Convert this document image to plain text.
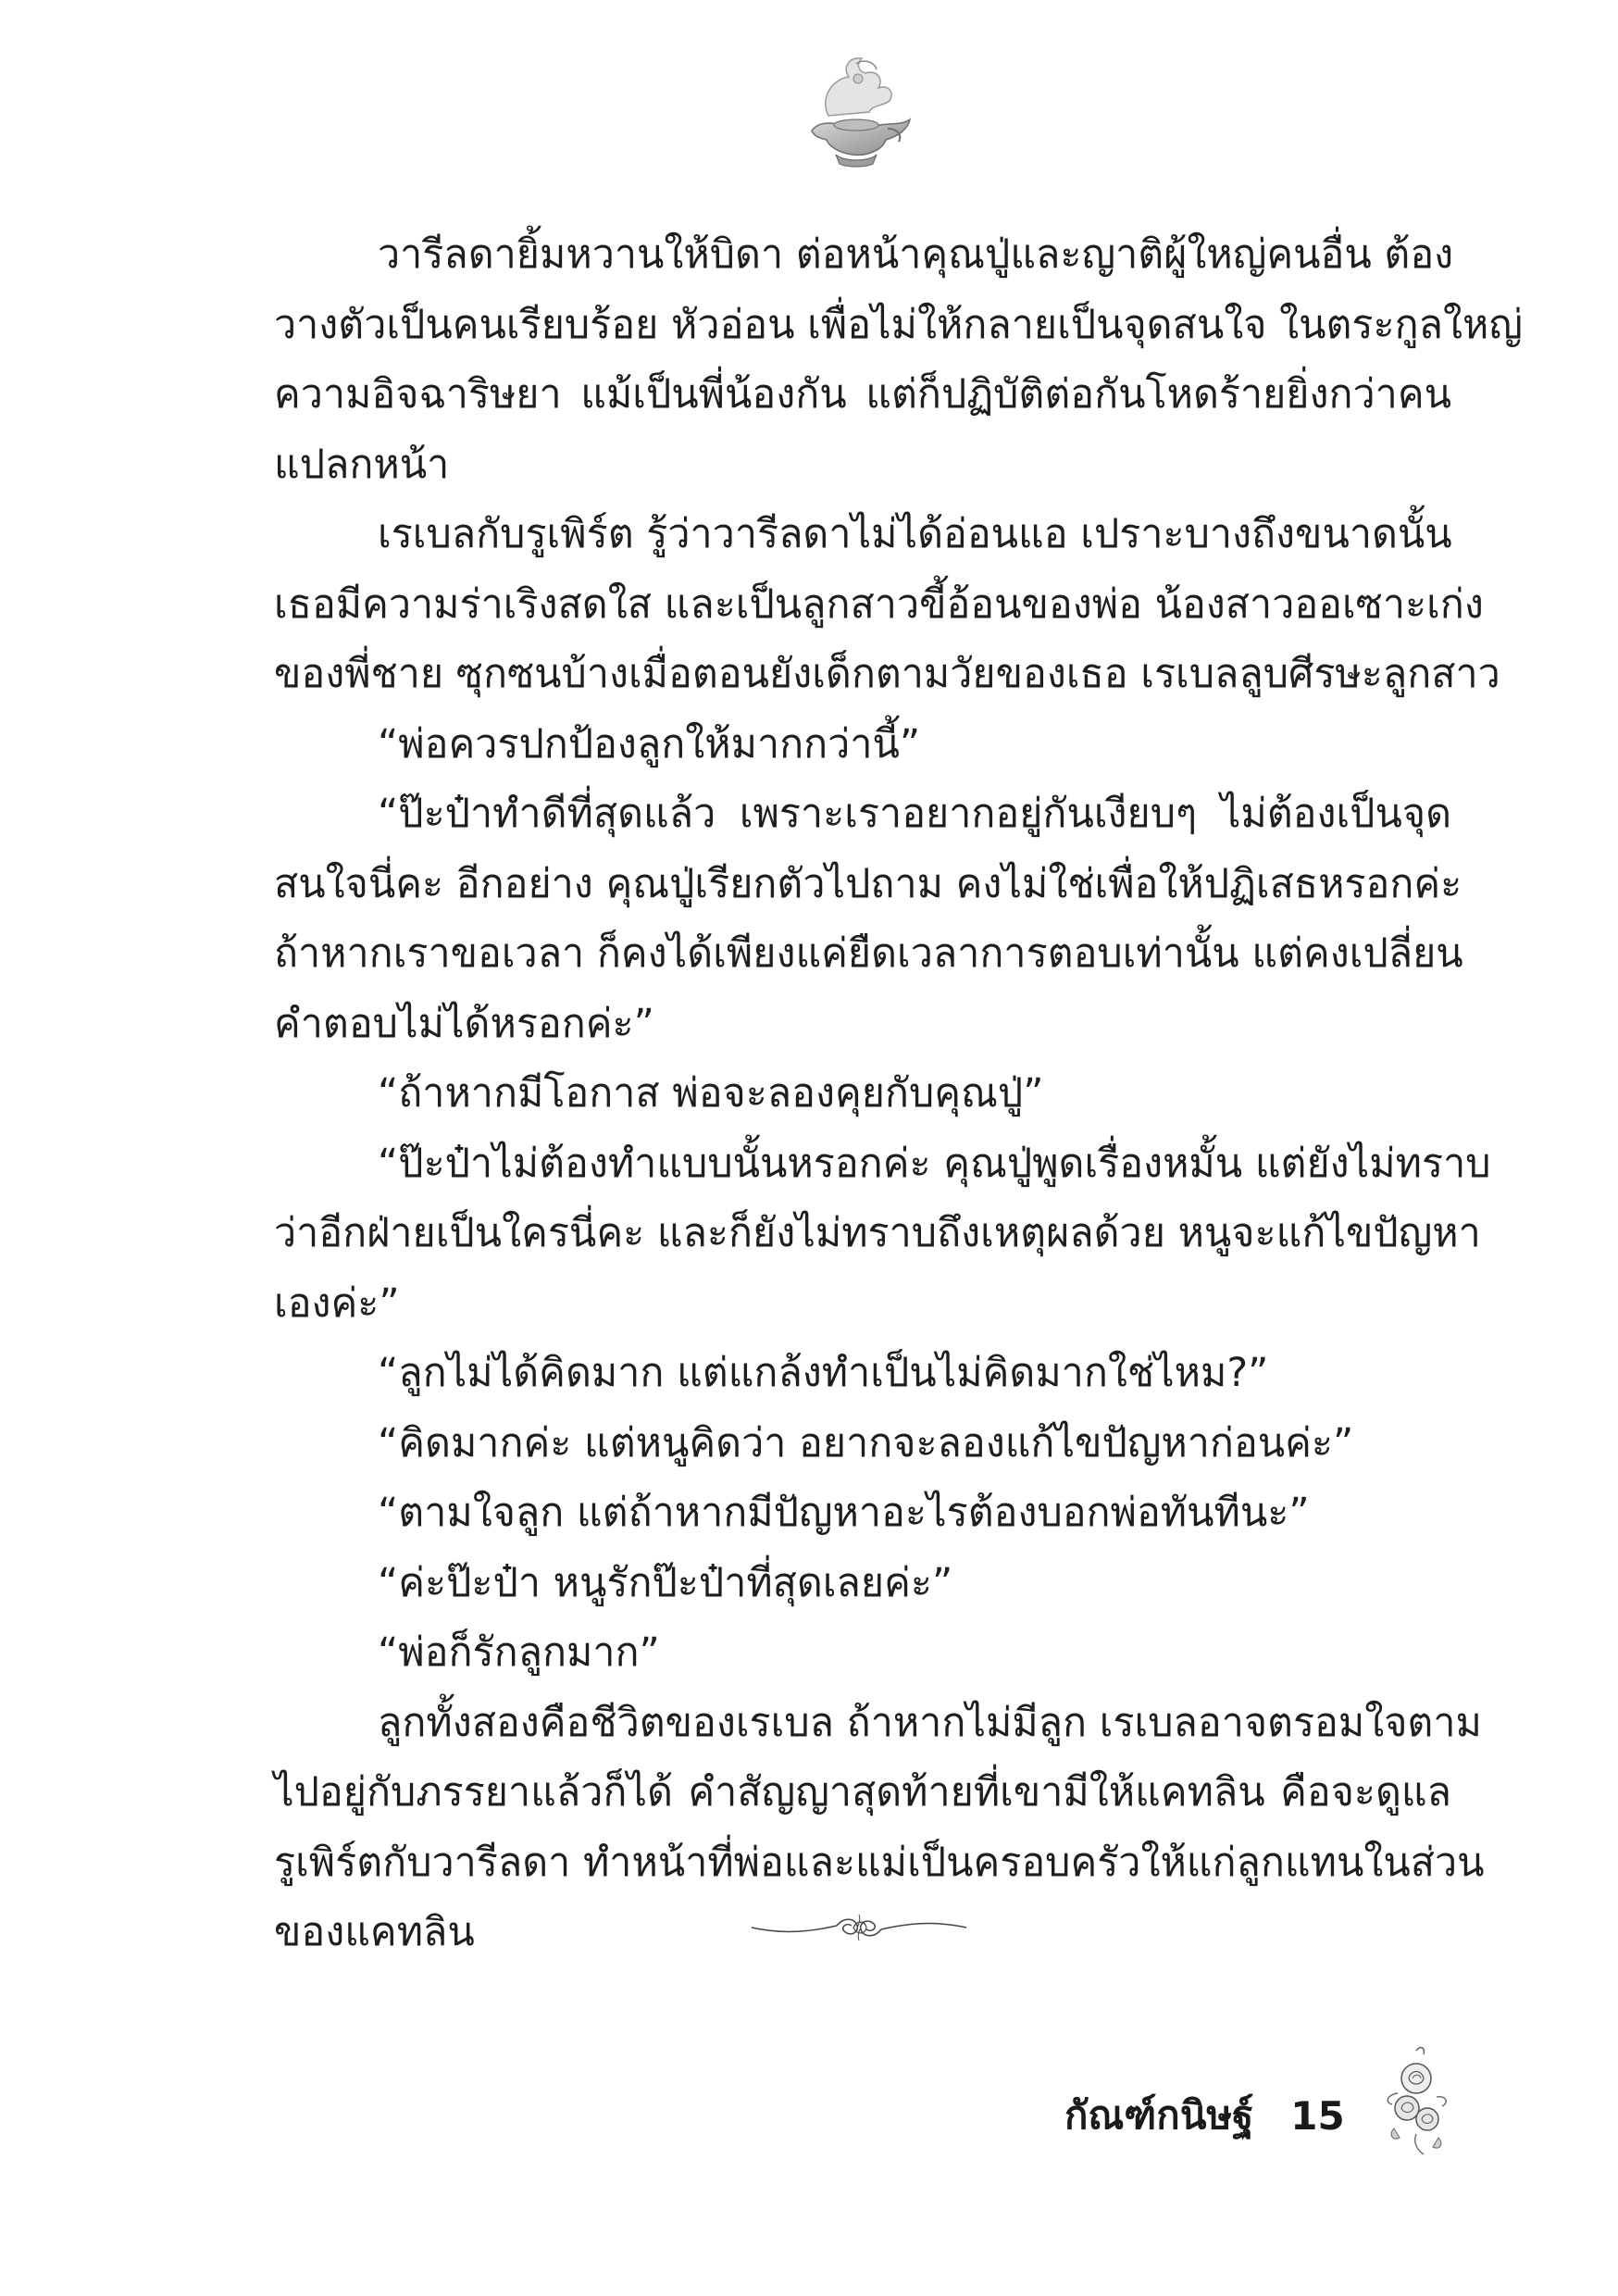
วารีลดายิ้มหวานให้บิดา ต่อหน้าคุณปู่และญาติผู้ใหญ่คนอื่น ต้อง
วางตัวเป็นคนเรียบร้อย หัวอ่อน เพื่อไม่ให้กลายเป็นจุดสนใจ ในตระกูลใหญ่
ความอิจฉาริษยา แม้เป็นพี่น้องกัน แต่ก็ปฏิบัติต่อกันโหดร้ายยิ่งกว่าคน
แปลกหน้า
เรเบลกับรูเพิร์ต รู้ว่าวารีลดาไม่ได้อ่อนแอ เปราะบางถึงขนาดนั้น
เธอมีความร่าเริงสดใส และเป็นลูกสาวขี้อ้อนของพ่อ น้องสาวออเซาะเก่ง
ของพี่ชาย ซุกซนบ้างเมื่อตอนยังเด็กตามวัยของเธอ เรเบลลูบศีรษะลูกสาว
“พ่อควรปกป้องลูกให้มากกว่านี้”
“ป๊ะป๋าทำดีที่สุดแล้ว เพราะเราอยากอยู่กันเงียบๆ ไม่ต้องเป็นจุด
สนใจนี่คะ อีกอย่าง คุณปู่เรียกตัวไปถาม คงไม่ใช่เพื่อให้ปฏิเสธหรอกค่ะ
ถ้าหากเราขอเวลา ก็คงได้เพียงแค่ยืดเวลาการตอบเท่านั้น แต่คงเปลี่ยน
คำตอบไม่ได้หรอกค่ะ”
“ถ้าหากมีโอกาส พ่อจะลองคุยกับคุณปู่”
“ป๊ะป๋าไม่ต้องทำแบบนั้นหรอกค่ะ คุณปู่พูดเรื่องหมั้น แต่ยังไม่ทราบ
ว่าอีกฝ่ายเป็นใครนี่คะ และก็ยังไม่ทราบถึงเหตุผลด้วย หนูจะแก้ไขปัญหา
เองค่ะ”
“ลูกไม่ได้คิดมาก แต่แกล้งทำเป็นไม่คิดมากใช่ไหม?”
“คิดมากค่ะ แต่หนูคิดว่า อยากจะลองแก้ไขปัญหาก่อนค่ะ”
“ตามใจลูก แต่ถ้าหากมีปัญหาอะไรต้องบอกพ่อทันทีนะ”
“ค่ะป๊ะป๋า หนูรักป๊ะป๋าที่สุดเลยค่ะ”
“พ่อก็รักลูกมาก”
ลูกทั้งสองคือชีวิตของเรเบล ถ้าหากไม่มีลูก เรเบลอาจตรอมใจตาม
ไปอยู่กับภรรยาแล้วก็ได้ คำสัญญาสุดท้ายที่เขามีให้แคทลิน คือจะดูแล
รูเพิร์ตกับวารีลดา ทำหน้าที่พ่อและแม่เป็นครอบครัวให้แก่ลูกแทนในส่วน
ของแคทลิน
กัณฑ์กนิษฐ์ 15
